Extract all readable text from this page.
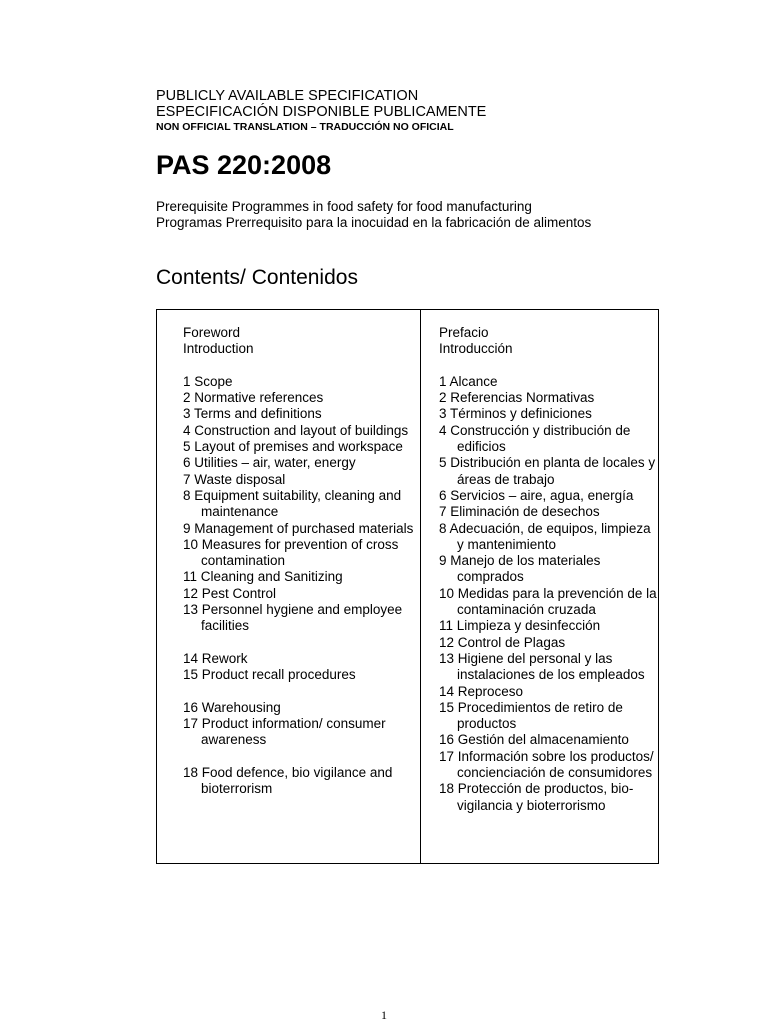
PUBLICLY AVAILABLE SPECIFICATION
ESPECIFICACIÓN DISPONIBLE PUBLICAMENTE
NON OFFICIAL TRANSLATION – TRADUCCIÓN NO OFICIAL
PAS 220:2008
Prerequisite Programmes in food safety for food manufacturing
Programas Prerrequisito para la inocuidad en la fabricación de alimentos
Contents/ Contenidos
Foreword
Introduction
1 Scope
2 Normative references
3 Terms and definitions
4 Construction and layout of buildings
5 Layout of premises and workspace
6 Utilities – air, water, energy
7 Waste disposal
8 Equipment suitability, cleaning and maintenance
9 Management of purchased materials
10 Measures for prevention of cross contamination
11 Cleaning and Sanitizing
12 Pest Control
13 Personnel hygiene and employee facilities
14 Rework
15 Product recall procedures
16 Warehousing
17 Product information/ consumer awareness
18 Food defence, bio vigilance and bioterrorism
Prefacio
Introducción
1 Alcance
2 Referencias Normativas
3 Términos y definiciones
4 Construcción y distribución de edificios
5 Distribución en planta de locales y áreas de trabajo
6 Servicios – aire, agua, energía
7 Eliminación de desechos
8 Adecuación, de equipos, limpieza y mantenimiento
9 Manejo de los materiales comprados
10 Medidas para la prevención de la contaminación cruzada
11 Limpieza y desinfección
12 Control de Plagas
13 Higiene del personal y las instalaciones de los empleados
14 Reproceso
15 Procedimientos de retiro de productos
16 Gestión del almacenamiento
17 Información sobre los productos/ concienciación de consumidores
18 Protección de productos, bio-vigilancia y bioterrorismo
1
